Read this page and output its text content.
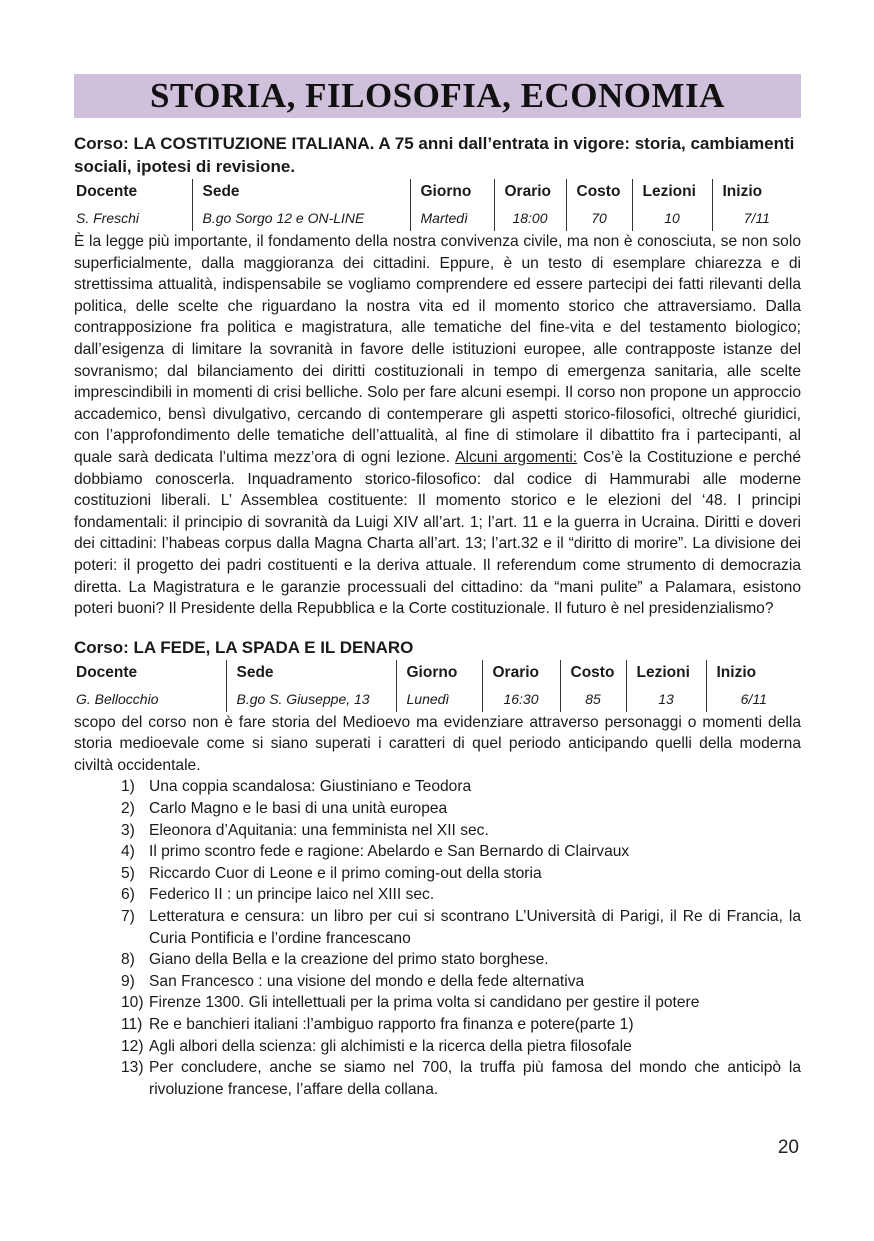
STORIA, FILOSOFIA, ECONOMIA
Corso: LA COSTITUZIONE ITALIANA. A 75 anni dall’entrata in vigore: storia, cambiamenti sociali, ipotesi di revisione.
Docente	Sede	Giorno	Orario	Costo	Lezioni	Inizio
S. Freschi	B.go Sorgo 12 e ON-LINE	Martedì	18:00	70	10	7/11

È la legge più importante, il fondamento della nostra convivenza civile, ma non è conosciuta, se non solo superficialmente, dalla maggioranza dei cittadini. Eppure, è un testo di esemplare chiarezza e di strettissima attualità, indispensabile se vogliamo comprendere ed essere partecipi dei fatti rilevanti della politica, delle scelte che riguardano la nostra vita ed il momento storico che attraversiamo. Dalla contrapposizione fra politica e magistratura, alle tematiche del fine-vita e del testamento biologico; dall’esigenza di limitare la sovranità in favore delle istituzioni europee, alle contrapposte istanze del sovranismo; dal bilanciamento dei diritti costituzionali in tempo di emergenza sanitaria, alle scelte imprescindibili in momenti di crisi belliche. Solo per fare alcuni esempi. Il corso non propone un approccio accademico, bensì divulgativo, cercando di contemperare gli aspetti storico-filosofici, oltreché giuridici, con l’approfondimento delle tematiche dell’attualità, al fine di stimolare il dibattito fra i partecipanti, al quale sarà dedicata l’ultima mezz’ora di ogni lezione. Alcuni argomenti: Cos’è la Costituzione e perché dobbiamo conoscerla. Inquadramento storico-filosofico: dal codice di Hammurabi alle moderne costituzioni liberali. L’ Assemblea costituente: Il momento storico e le elezioni del ‘48. I principi fondamentali: il principio di sovranità da Luigi XIV all’art. 1; l’art. 11 e la guerra in Ucraina. Diritti e doveri dei cittadini: l’habeas corpus dalla Magna Charta all’art. 13; l’art.32 e il “diritto di morire”. La divisione dei poteri: il progetto dei padri costituenti e la deriva attuale. Il referendum come strumento di democrazia diretta. La Magistratura e le garanzie processuali del cittadino: da “mani pulite” a Palamara, esistono poteri buoni? Il Presidente della Repubblica e la Corte costituzionale. Il futuro è nel presidenzialismo?

Corso: LA FEDE, LA SPADA E IL DENARO
Docente	Sede	Giorno	Orario	Costo	Lezioni	Inizio
G. Bellocchio	B.go S. Giuseppe, 13	Lunedì	16:30	85	13	6/11

scopo del corso non è fare storia del Medioevo ma evidenziare attraverso personaggi o momenti della storia medioevale come si siano superati i caratteri di quel periodo anticipando quelli della moderna civiltà occidentale.

1) Una coppia scandalosa: Giustiniano e Teodora
2) Carlo Magno e le basi di una unità europea
3) Eleonora d’Aquitania: una femminista nel XII sec.
4) Il primo scontro fede e ragione: Abelardo e San Bernardo di Clairvaux
5) Riccardo Cuor di Leone e il primo coming-out della storia
6) Federico II : un principe laico nel XIII sec.
7) Letteratura e censura: un libro per cui si scontrano L’Università di Parigi, il Re di Francia, la Curia Pontificia e l’ordine francescano
8) Giano della Bella e la creazione del primo stato borghese.
9) San Francesco : una visione del mondo e della fede alternativa
10) Firenze 1300. Gli intellettuali per la prima volta si candidano per gestire il potere
11) Re e banchieri italiani :l’ambiguo rapporto fra finanza e potere(parte 1)
12) Agli albori della scienza: gli alchimisti e la ricerca della pietra filosofale
13) Per concludere, anche se siamo nel 700, la truffa più famosa del mondo che anticipò la rivoluzione francese, l’affare della collana.
20
